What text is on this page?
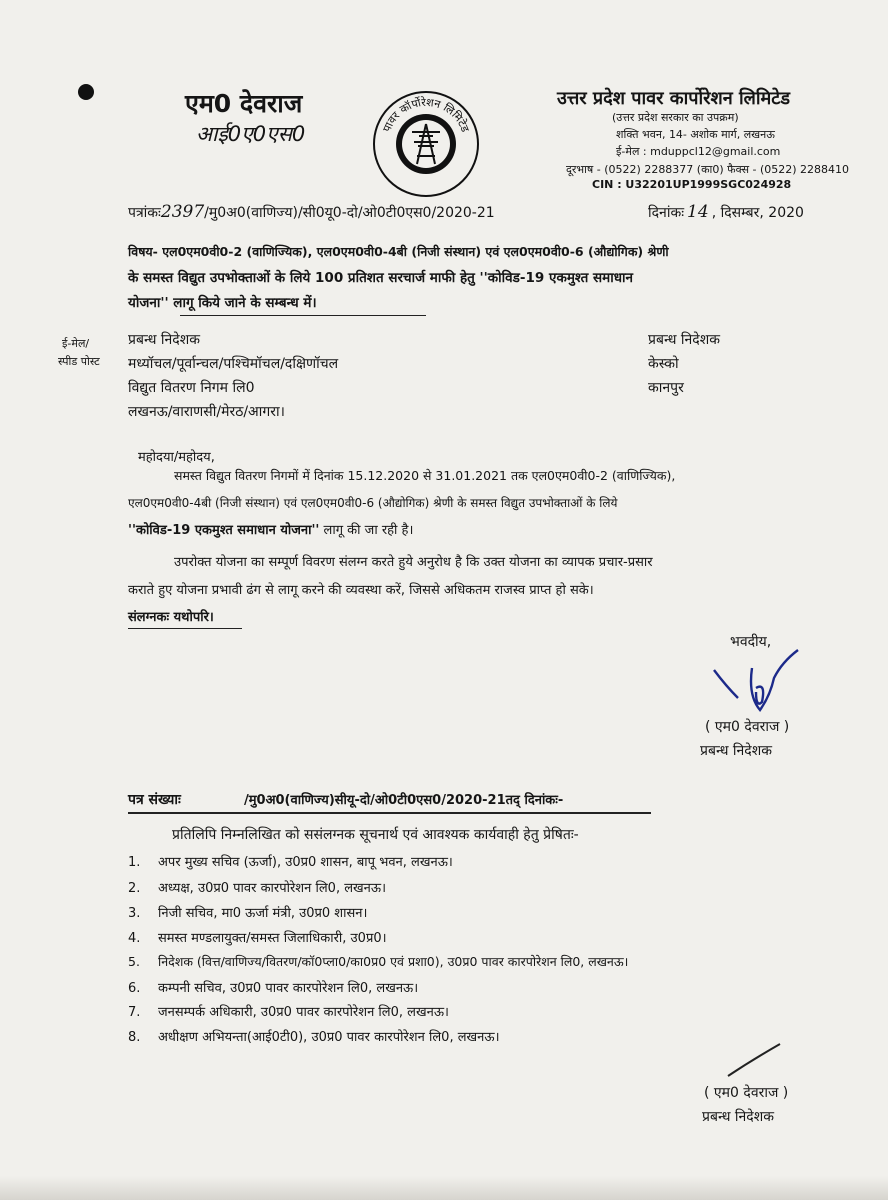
एम0 देवराज
आई0ए0एस0	पावर कॉर्पोरेशन लिमिटेड
उत्तर प्रदेश पावर कार्पोरेशन लिमिटेड
(उत्तर प्रदेश सरकार का उपक्रम)
शक्ति भवन, 14- अशोक मार्ग, लखनऊ
ई-मेल : mduppcl12@gmail.com
दूरभाष - (0522) 2288377 (का0) फैक्स - (0522) 2288410
CIN : U32201UP1999SGC024928
पत्रांकः2397/मु0अ0(वाणिज्य)/सी0यू0-दो/ओ0टी0एस0/2020-21	दिनांकः 14 , दिसम्बर, 2020
विषय- एल0एम0वी0-2 (वाणिज्यिक), एल0एम0वी0-4बी (निजी संस्थान) एवं एल0एम0वी0-6 (औद्योगिक) श्रेणी
के समस्त विद्युत उपभोक्ताओं के लिये 100 प्रतिशत सरचार्ज माफी हेतु ''कोविड-19 एकमुश्त समाधान
योजना'' लागू किये जाने के सम्बन्ध में।
ई-मेल/
स्पीड पोस्ट
प्रबन्ध निदेशक
मध्यॉचल/पूर्वान्चल/पश्चिमॉचल/दक्षिणॉचल
विद्युत वितरण निगम लि0
लखनऊ/वाराणसी/मेरठ/आगरा।
प्रबन्ध निदेशक
केस्को
कानपुर
महोदया/महोदय,
समस्त विद्युत वितरण निगमों में दिनांक 15.12.2020 से 31.01.2021 तक एल0एम0वी0-2 (वाणिज्यिक),
एल0एम0वी0-4बी (निजी संस्थान) एवं एल0एम0वी0-6 (औद्योगिक) श्रेणी के समस्त विद्युत उपभोक्ताओं के लिये
''कोविड-19 एकमुश्त समाधान योजना'' लागू की जा रही है।
उपरोक्त योजना का सम्पूर्ण विवरण संलग्न करते हुये अनुरोध है कि उक्त योजना का व्यापक प्रचार-प्रसार
कराते हुए योजना प्रभावी ढंग से लागू करने की व्यवस्था करें, जिससे अधिकतम राजस्व प्राप्त हो सके।
संलग्नकः यथोपरि।
भवदीय,
( एम0 देवराज )
प्रबन्ध निदेशक
पत्र संख्याः	/मु0अ0(वाणिज्य)सीयू-दो/ओ0टी0एस0/2020-21तद् दिनांकः-
प्रतिलिपि निम्नलिखित को ससंलग्नक सूचनार्थ एवं आवश्यक कार्यवाही हेतु प्रेषितः-
1. अपर मुख्य सचिव (ऊर्जा), उ0प्र0 शासन, बापू भवन, लखनऊ।
2. अध्यक्ष, उ0प्र0 पावर कारपोरेशन लि0, लखनऊ।
3. निजी सचिव, मा0 ऊर्जा मंत्री, उ0प्र0 शासन।
4. समस्त मण्डलायुक्त/समस्त जिलाधिकारी, उ0प्र0।
5. निदेशक (वित्त/वाणिज्य/वितरण/कॉ0प्ला0/का0प्र0 एवं प्रशा0), उ0प्र0 पावर कारपोरेशन लि0, लखनऊ।
6. कम्पनी सचिव, उ0प्र0 पावर कारपोरेशन लि0, लखनऊ।
7. जनसम्पर्क अधिकारी, उ0प्र0 पावर कारपोरेशन लि0, लखनऊ।
8. अधीक्षण अभियन्ता(आई0टी0), उ0प्र0 पावर कारपोरेशन लि0, लखनऊ।
( एम0 देवराज )
प्रबन्ध निदेशक
